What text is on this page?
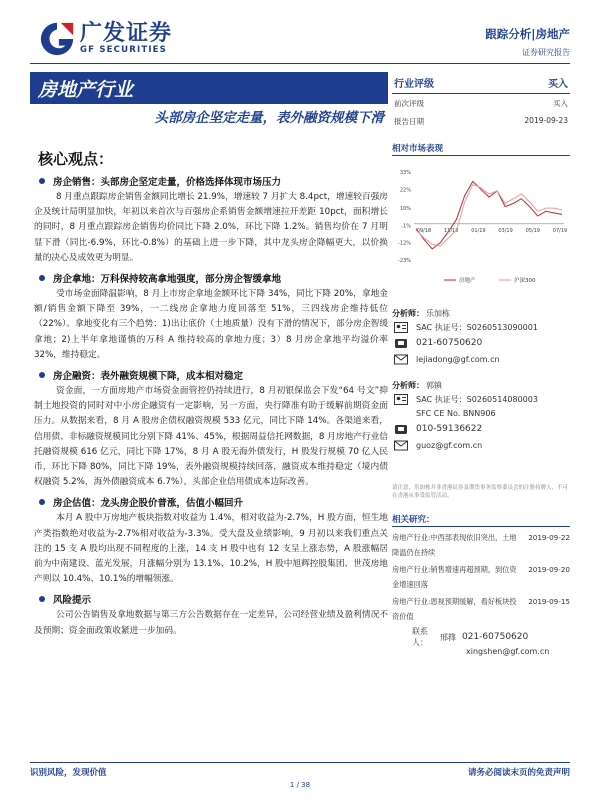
广发证券
GF SECURITIES
跟踪分析|房地产
证券研究报告
房地产行业
头部房企坚定走量，表外融资规模下滑
行业评级	买入
前次评级	买入
报告日期	2019-09-23
核心观点：
房企销售：头部房企坚定走量，价格选择体现市场压力

8 月重点跟踪房企销售金额同比增长 21.9%，增速较 7 月扩大 8.4pct，增速较百强房企及统计局明显加快，年初以来首次与百强房企系销售金额增速拉开差距 10pct，面积增长的同时，8 月重点跟踪房企销售均价同比下降 2.0%，环比下降 1.2%。销售均价在 7 月明显下滑（同比-6.9%，环比-0.8%）的基础上进一步下降，其中龙头房企降幅更大，以价换量的决心及成效更为明显。

房企拿地：万科保持较高拿地强度，部分房企智缓拿地

受市场金面降温影响，8 月上市房企拿地金额环比下降 34%，同比下降 20%，拿地金额/销售金额下降至 39%，一二线房企拿地力度回落至 51%，三四线房企维持低位（22%）。拿地变化有三个趋势：1)出让底价（土地质量）没有下滑的情况下，部分房企智缓拿地；2)上半年拿地谨慎的万科 A 维持较高的拿地力度；3）8 月房企拿地平均溢价率 32%，维持稳定。

房企融资：表外融资规模下降，成本相对稳定

资金面，一方面房地产市场资金面管控仍持续进行，8 月初银保监会下发“64 号文”抑制土地投资的同时对中小房企融资有一定影响，另一方面，央行降准有助于缓解前期资金面压力。从数据来看，8 月 A 股房企债权融资规模 533 亿元，同比下降 14%。各渠道来看，信用债、非标融资规模同比分别下降 41%、45%，根据周益信托网数据，8 月房地产行业信托融资规模 616 亿元，同比下降 17%，8 月 A 股无海外债发行，H 股发行规模 70 亿人民币，环比下降 80%，同比下降 19%，表外融资规模持续回落，融资成本维持稳定（境内债权融资 5.2%，海外债融资成本 6.7%），头部企业信用债成本边际改善。

房企估值：龙头房企股价普涨，估值小幅回升

本月 A 股中万房地产板块指数对收益为 1.4%，相对收益为-2.7%，H 股方面，恒生地产类指数绝对收益为-2.7%相对收益为-3.3%。受大盘及业绩影响，9 月初以来我们重点关注的 15 支 A 股均出现不同程度的上涨，14 支 H 股中也有 12 支呈上涨态势，A 股涨幅居前为中南建设、蓝光发展，月涨幅分别为 13.1%、10.2%，H 股中旭辉控股集团、世茂房地产则以 10.4%、10.1%的增幅领涨。

风险提示

公司公告销售及拿地数据与第三方公告数据存在一定差异，公司经营业绩及盈利情况不及预期；资金面政策收紧进一步加码。

相对市场表现
33%
22%
10%
-1%
-12%
-23%
09/18	11/18	01/19	03/19	05/19	07/19
房地产	沪深300
分析师： 乐加栋
SAC 执证号：S0260513090001
021-60750620
lejiadong@gf.com.cn
分析师： 郭镇
SAC 执证号：S0260514080003
SFC CE No. BNN906
010-59136622
guoz@gf.com.cn
请注意，乐加栋并非香港证券及期货事务监察委员会的注册持牌人，不可在香港从事受监管活动。
相关研究：
房地产行业:中西部表现依旧突出，土地降温仍在持续
2019-09-22
房地产行业:销售增速再超预期，到位资金增速回落
2019-09-20
房地产行业:恩视预期缓解，看好板块投资价值
2019-09-15
联系人：
邢箨 021-60750620
xingshen@gf.com.cn
识别风险，发现价值	请务必阅读末页的免责声明
1 / 38
